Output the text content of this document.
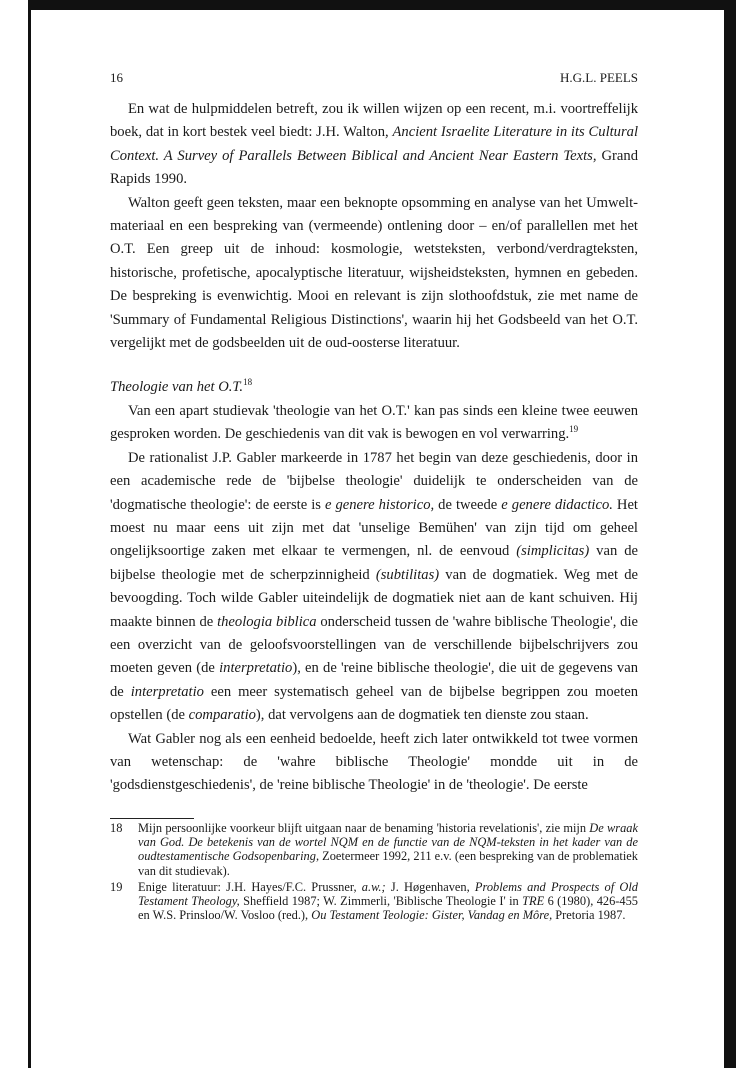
16	H.G.L. PEELS

En wat de hulpmiddelen betreft, zou ik willen wijzen op een recent, m.i. voortreffelijk boek, dat in kort bestek veel biedt: J.H. Walton, Ancient Israelite Literature in its Cultural Context. A Survey of Parallels Between Biblical and Ancient Near Eastern Texts, Grand Rapids 1990.

Walton geeft geen teksten, maar een beknopte opsomming en analyse van het Umwelt-materiaal en een bespreking van (vermeende) ontlening door – en/of parallellen met het O.T. Een greep uit de inhoud: kosmologie, wetsteksten, verbond/verdragteksten, historische, profetische, apocalyptische literatuur, wijsheidsteksten, hymnen en gebeden. De bespreking is evenwichtig. Mooi en relevant is zijn slothoofdstuk, zie met name de 'Summary of Fundamental Religious Distinctions', waarin hij het Godsbeeld van het O.T. vergelijkt met de godsbeelden uit de oud-oosterse literatuur.

Theologie van het O.T.$^{18}$

Van een apart studievak 'theologie van het O.T.' kan pas sinds een kleine twee eeuwen gesproken worden. De geschiedenis van dit vak is bewogen en vol verwarring.$^{19}$

De rationalist J.P. Gabler markeerde in 1787 het begin van deze geschiedenis, door in een academische rede de 'bijbelse theologie' duidelijk te onderscheiden van de 'dogmatische theologie': de eerste is e genere historico, de tweede e genere didactico. Het moest nu maar eens uit zijn met dat 'unselige Bemühen' van zijn tijd om geheel ongelijksoortige zaken met elkaar te vermengen, nl. de eenvoud (simplicitas) van de bijbelse theologie met de scherpzinnigheid (subtilitas) van de dogmatiek. Weg met de bevoogding. Toch wilde Gabler uiteindelijk de dogmatiek niet aan de kant schuiven. Hij maakte binnen de theologia biblica onderscheid tussen de 'wahre biblische Theologie', die een overzicht van de geloofsvoorstellingen van de verschillende bijbelschrijvers zou moeten geven (de interpretatio), en de 'reine biblische theologie', die uit de gegevens van de interpretatio een meer systematisch geheel van de bijbelse begrippen zou moeten opstellen (de comparatio), dat vervolgens aan de dogmatiek ten dienste zou staan.

Wat Gabler nog als een eenheid bedoelde, heeft zich later ontwikkeld tot twee vormen van wetenschap: de 'wahre biblische Theologie' mondde uit in de 'godsdienstgeschiedenis', de 'reine biblische Theologie' in de 'theologie'. De eerste

18 Mijn persoonlijke voorkeur blijft uitgaan naar de benaming 'historia revelationis', zie mijn De wraak van God. De betekenis van de wortel NQM en de functie van de NQM-teksten in het kader van de oudtestamentische Godsopenbaring, Zoetermeer 1992, 211 e.v. (een bespreking van de problematiek van dit studievak).
19 Enige literatuur: J.H. Hayes/F.C. Prussner, a.w.; J. Høgenhaven, Problems and Prospects of Old Testament Theology, Sheffield 1987; W. Zimmerli, 'Biblische Theologie I' in TRE 6 (1980), 426-455 en W.S. Prinsloo/W. Vosloo (red.), Ou Testament Teologie: Gister, Vandag en Môre, Pretoria 1987.
